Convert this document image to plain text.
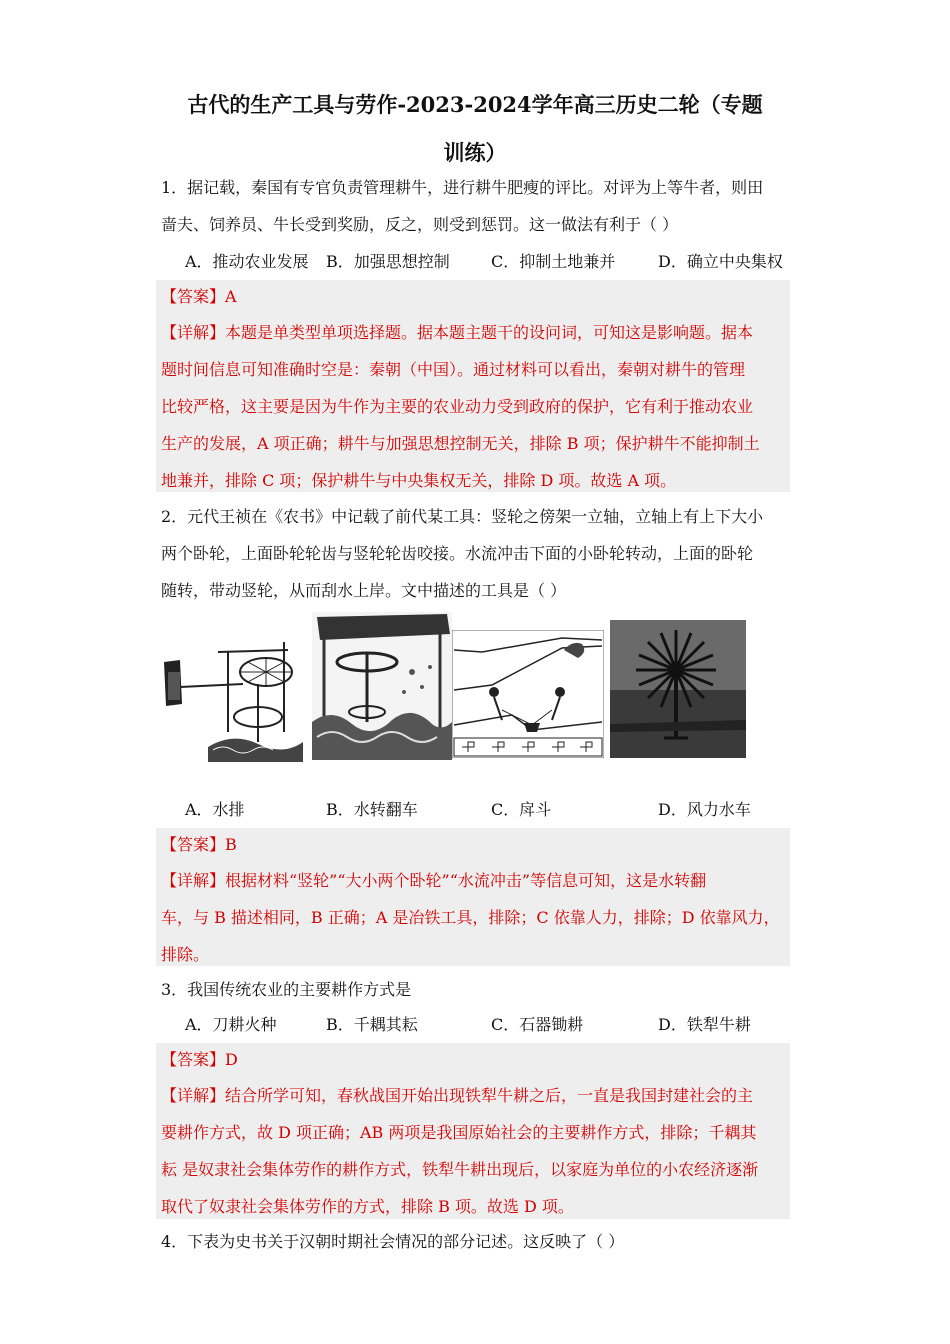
古代的生产工具与劳作-2023-2024学年高三历史二轮（专题
训练）
1．据记载，秦国有专官负责管理耕牛，进行耕牛肥瘦的评比。对评为上等牛者，则田
啬夫、饲养员、牛长受到奖励，反之，则受到惩罚。这一做法有利于（ ）
A．推动农业发展 B．加强思想控制	C．抑制土地兼并	D．确立中央集权
【答案】A
【详解】本题是单类型单项选择题。据本题主题干的设问词，可知这是影响题。据本
题时间信息可知准确时空是：秦朝（中国）。通过材料可以看出，秦朝对耕牛的管理
比较严格，这主要是因为牛作为主要的农业动力受到政府的保护，它有利于推动农业
生产的发展，A 项正确；耕牛与加强思想控制无关，排除 B 项；保护耕牛不能抑制土
地兼并，排除 C 项；保护耕牛与中央集权无关，排除 D 项。故选 A 项。
2．元代王祯在《农书》中记载了前代某工具：竖轮之傍架一立轴，立轴上有上下大小
两个卧轮，上面卧轮轮齿与竖轮轮齿咬接。水流冲击下面的小卧轮转动，上面的卧轮
随转，带动竖轮，从而刮水上岸。文中描述的工具是（ ）
A．水排	B．水转翻车	C．戽斗	D．风力水车
【答案】B
【详解】根据材料“竖轮”“大小两个卧轮”“水流冲击”等信息可知，这是水转翻
车，与 B 描述相同，B 正确；A 是冶铁工具，排除；C 依靠人力，排除；D 依靠风力，
排除。
3．我国传统农业的主要耕作方式是
A．刀耕火种	B．千耦其耘	C．石器锄耕	D．铁犁牛耕
【答案】D
【详解】结合所学可知，春秋战国开始出现铁犁牛耕之后，一直是我国封建社会的主
要耕作方式，故 D 项正确；AB 两项是我国原始社会的主要耕作方式，排除；千耦其
耘 是奴隶社会集体劳作的耕作方式，铁犁牛耕出现后，以家庭为单位的小农经济逐渐
取代了奴隶社会集体劳作的方式，排除 B 项。故选 D 项。
4．下表为史书关于汉朝时期社会情况的部分记述。这反映了（ ）
